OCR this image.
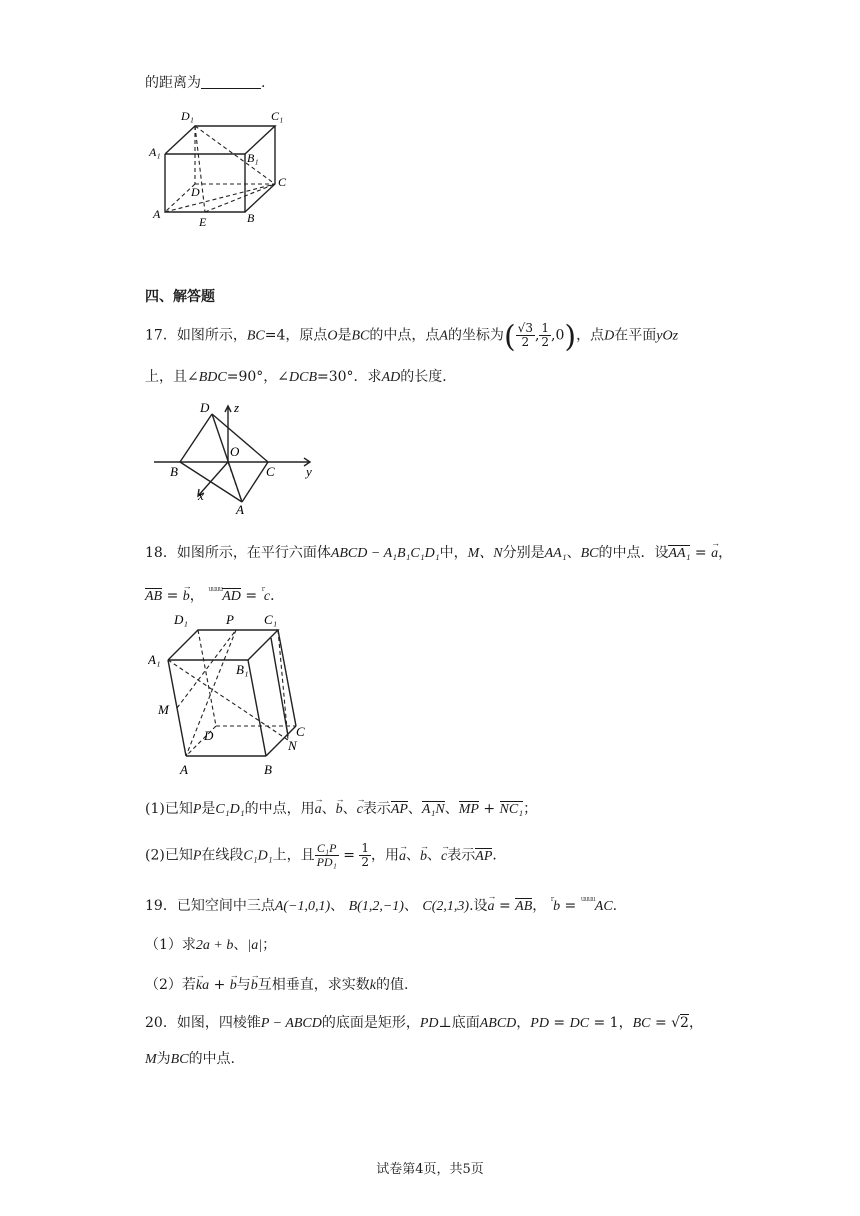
的距离为	.
D₁	C₁
A₁	B₁
C
D
A
E	B
四、解答题
17．如图所示，BC=4，原点O是BC的中点，点A的坐标为( $\frac{√3}{2}$ , $\frac{1}{2} ,0$)，点D在平面yOz
上，且∠BDC=90°，∠DCB=30°．求AD的长度．
D z
O
B	C y
x
A
18．如图所示，在平行六面体ABCD − A₁B₁C₁D₁中，M、N分别是AA₁、BC的中点．设AA₁ = a →，
AB = b →， $^{uuuu}$AD = $^r$c．
D₁	P C₁
A₁
B₁
M
C
D
N
A	B
(1)已知P是C₁D₁的中点，用a →、b →、c →表示AP、A₁N、MP + NC₁；
(2)已知P在线段C₁D₁上，且 $\frac{\text{C₁P}}{\text{PD₁}} = \frac{1}{2}$ ，用a →、b →、c →表示AP．
19．已知空间中三点A(−1,0,1)、 B(1,2,−1)、 C(2,1,3).设a → = AB， $^r$b = $^{uuuu}$AC.
（1）求2a + b、|a|；
（2）若ka → + b →与b →互相垂直，求实数k的值.
20．如图，四棱锥P − ABCD的底面是矩形，PD⊥底面ABCD，PD = DC = 1，BC = √2，
M为BC的中点.
试卷第4页，共5页
